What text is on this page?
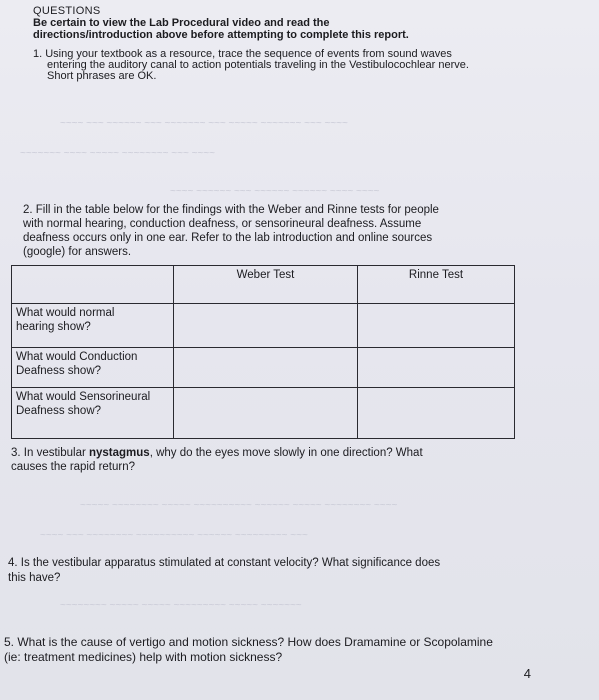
QUESTIONS
Be certain to view the Lab Procedural video and read the
directions/introduction above before attempting to complete this report.
1. Using your textbook as a resource, trace the sequence of events from sound waves
entering the auditory canal to action potentials traveling in the Vestibulocochlear nerve.
Short phrases are OK.
~~~~ ~~~ ~~~~~~ ~~~ ~~~~~~~ ~~~ ~~~~~ ~~~~~~~ ~~~ ~~~~
~~~~~~~ ~~~~ ~~~~~ ~~~~~~~~ ~~~ ~~~~
~~~~ ~~~~~~ ~~~ ~~~~~~ ~~~~~~ ~~~~ ~~~~
2. Fill in the table below for the findings with the Weber and Rinne tests for people
with normal hearing, conduction deafness, or sensorineural deafness. Assume
deafness occurs only in one ear. Refer to the lab introduction and online sources
(google) for answers.
	Weber Test	Rinne Test

What would normal
hearing show?		

What would Conduction
Deafness show?		

What would Sensorineural
Deafness show?		

3. In vestibular nystagmus, why do the eyes move slowly in one direction? What
causes the rapid return?
~~~~~ ~~~~~~~~ ~~~~~ ~~~~~~~~~~ ~~~~~~ ~~~~~ ~~~~~~~~ ~~~~
~~~~ ~~~ ~~~~~~~~ ~~~~~~~~~~ ~~~~~~ ~~~~~~~~~ ~~~
4. Is the vestibular apparatus stimulated at constant velocity? What significance does
this have?
~~~~~~~~ ~~~~~ ~~~~~ ~~~~~~~~~ ~~~~~ ~~~~~~~
5. What is the cause of vertigo and motion sickness? How does Dramamine or Scopolamine
(ie: treatment medicines) help with motion sickness?
4
